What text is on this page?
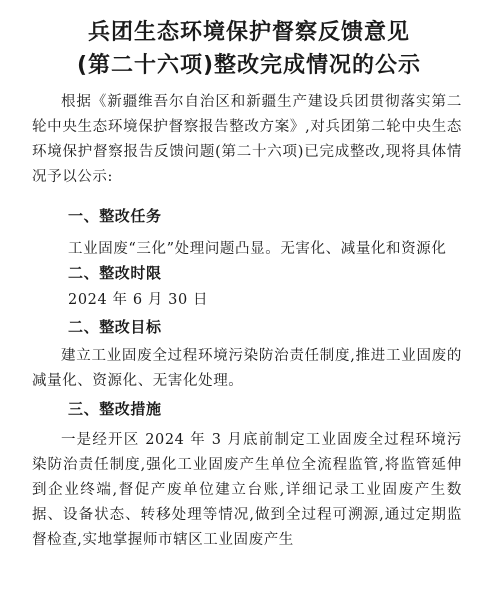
兵团生态环境保护督察反馈意见
(第二十六项)整改完成情况的公示

根据《新疆维吾尔自治区和新疆生产建设兵团贯彻落实第二轮中央生态环境保护督察报告整改方案》,对兵团第二轮中央生态环境保护督察报告反馈问题(第二十六项)已完成整改,现将具体情况予以公示:

一、整改任务
工业固废“三化”处理问题凸显。无害化、减量化和资源化
二、整改时限
2024 年 6 月 30 日
二、整改目标

建立工业固废全过程环境污染防治责任制度,推进工业固废的减量化、资源化、无害化处理。

三、整改措施

一是经开区 2024 年 3 月底前制定工业固废全过程环境污染防治责任制度,强化工业固废产生单位全流程监管,将监管延伸到企业终端,督促产废单位建立台账,详细记录工业固废产生数据、设备状态、转移处理等情况,做到全过程可溯源,通过定期监督检查,实地掌握师市辖区工业固废产生
